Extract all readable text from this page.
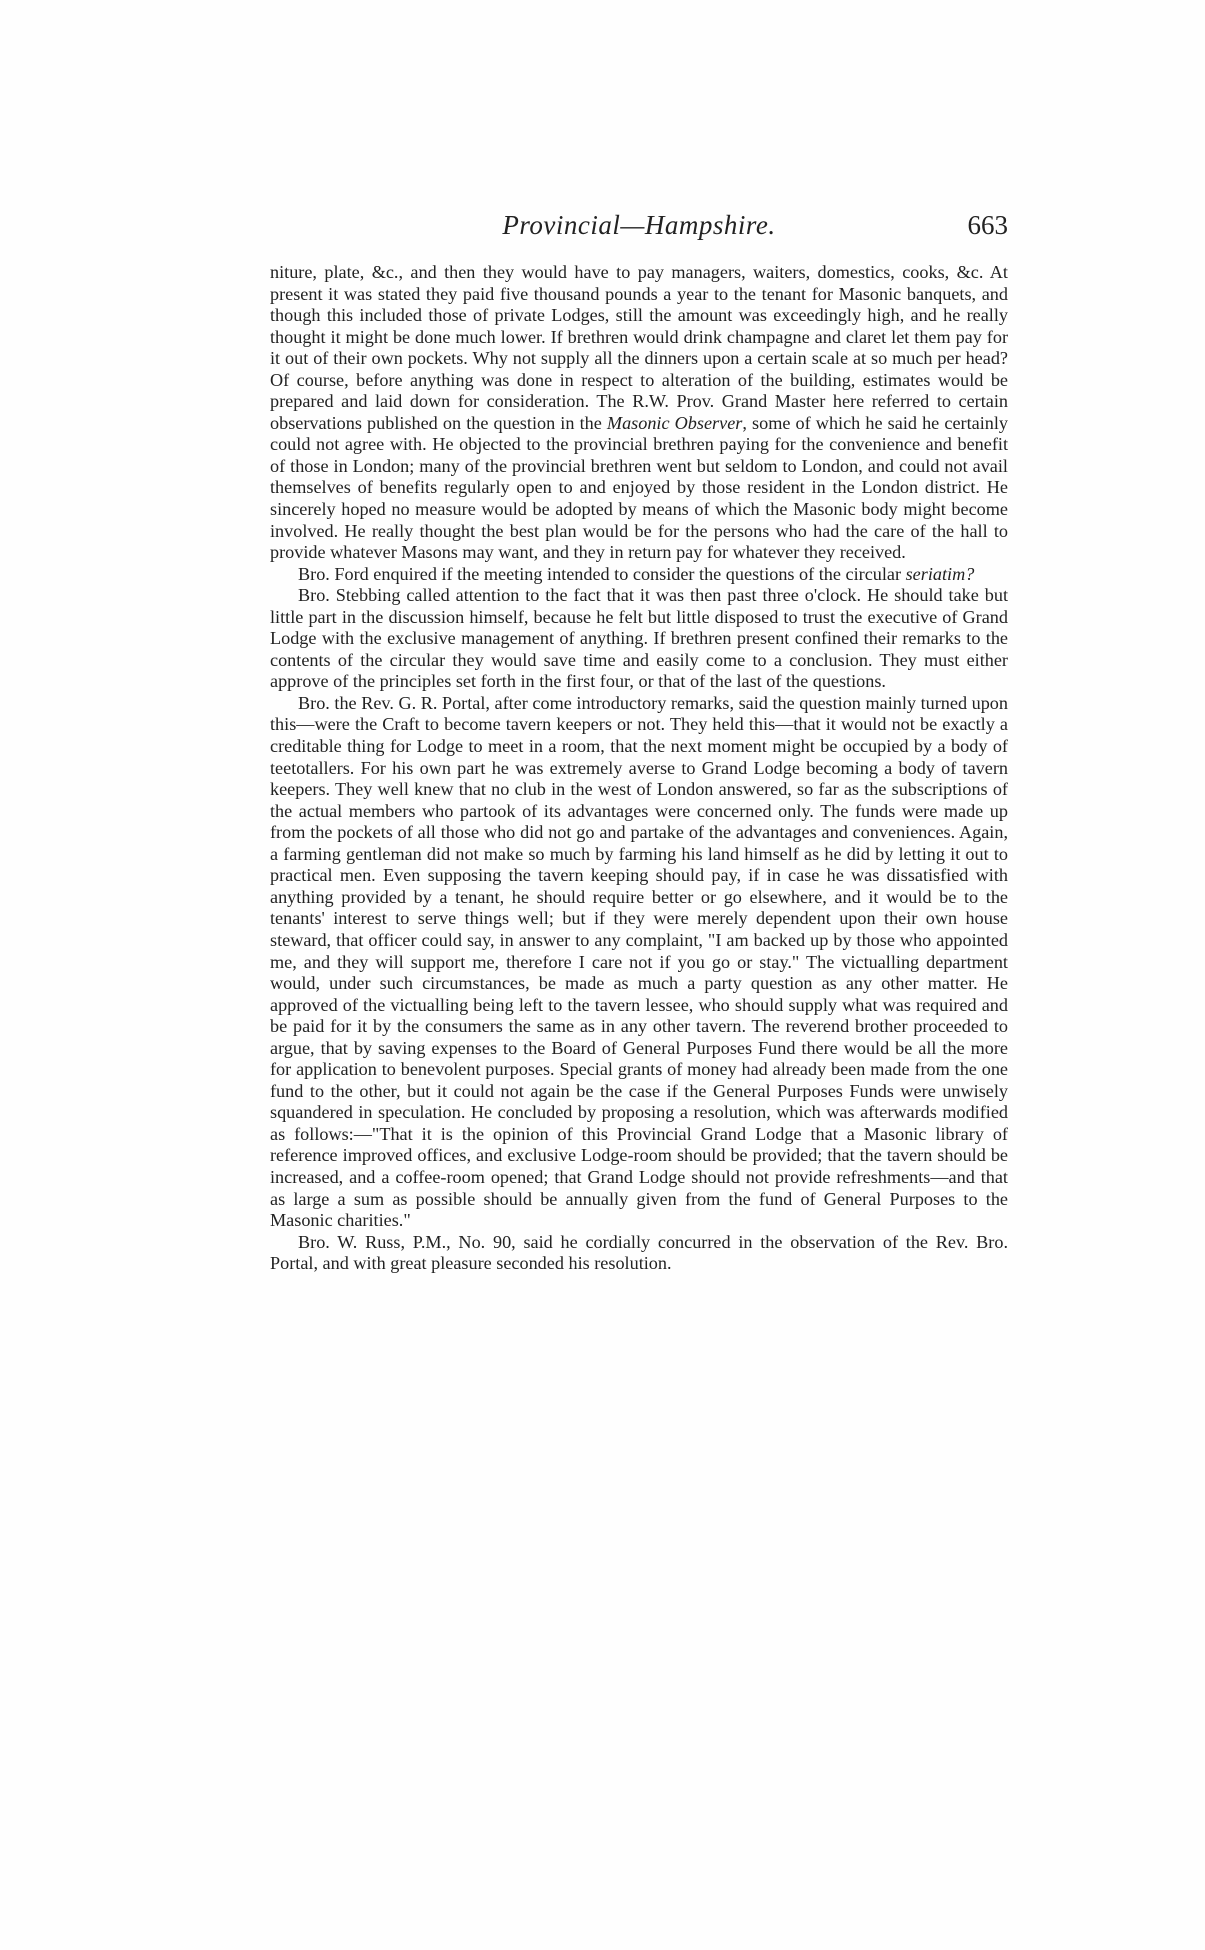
Provincial—Hampshire.	663

niture, plate, &c., and then they would have to pay managers, waiters, domestics, cooks, &c. At present it was stated they paid five thousand pounds a year to the tenant for Masonic banquets, and though this included those of private Lodges, still the amount was exceedingly high, and he really thought it might be done much lower. If brethren would drink champagne and claret let them pay for it out of their own pockets. Why not supply all the dinners upon a certain scale at so much per head? Of course, before anything was done in respect to alteration of the building, estimates would be prepared and laid down for consideration. The R.W. Prov. Grand Master here referred to certain observations published on the question in the Masonic Observer, some of which he said he certainly could not agree with. He objected to the provincial brethren paying for the convenience and benefit of those in London; many of the provincial brethren went but seldom to London, and could not avail themselves of benefits regularly open to and enjoyed by those resident in the London district. He sincerely hoped no measure would be adopted by means of which the Masonic body might become involved. He really thought the best plan would be for the persons who had the care of the hall to provide whatever Masons may want, and they in return pay for whatever they received.

Bro. Ford enquired if the meeting intended to consider the questions of the circular seriatim?

Bro. Stebbing called attention to the fact that it was then past three o'clock. He should take but little part in the discussion himself, because he felt but little disposed to trust the executive of Grand Lodge with the exclusive management of anything. If brethren present confined their remarks to the contents of the circular they would save time and easily come to a conclusion. They must either approve of the principles set forth in the first four, or that of the last of the questions.

Bro. the Rev. G. R. Portal, after come introductory remarks, said the question mainly turned upon this—were the Craft to become tavern keepers or not. They held this—that it would not be exactly a creditable thing for Lodge to meet in a room, that the next moment might be occupied by a body of teetotallers. For his own part he was extremely averse to Grand Lodge becoming a body of tavern keepers. They well knew that no club in the west of London answered, so far as the subscriptions of the actual members who partook of its advantages were concerned only. The funds were made up from the pockets of all those who did not go and partake of the advantages and conveniences. Again, a farming gentleman did not make so much by farming his land himself as he did by letting it out to practical men. Even supposing the tavern keeping should pay, if in case he was dissatisfied with anything provided by a tenant, he should require better or go elsewhere, and it would be to the tenants' interest to serve things well; but if they were merely dependent upon their own house steward, that officer could say, in answer to any complaint, "I am backed up by those who appointed me, and they will support me, therefore I care not if you go or stay." The victualling department would, under such circumstances, be made as much a party question as any other matter. He approved of the victualling being left to the tavern lessee, who should supply what was required and be paid for it by the consumers the same as in any other tavern. The reverend brother proceeded to argue, that by saving expenses to the Board of General Purposes Fund there would be all the more for application to benevolent purposes. Special grants of money had already been made from the one fund to the other, but it could not again be the case if the General Purposes Funds were unwisely squandered in speculation. He concluded by proposing a resolution, which was afterwards modified as follows:—"That it is the opinion of this Provincial Grand Lodge that a Masonic library of reference improved offices, and exclusive Lodge-room should be provided; that the tavern should be increased, and a coffee-room opened; that Grand Lodge should not provide refreshments—and that as large a sum as possible should be annually given from the fund of General Purposes to the Masonic charities."

Bro. W. Russ, P.M., No. 90, said he cordially concurred in the observation of the Rev. Bro. Portal, and with great pleasure seconded his resolution.
